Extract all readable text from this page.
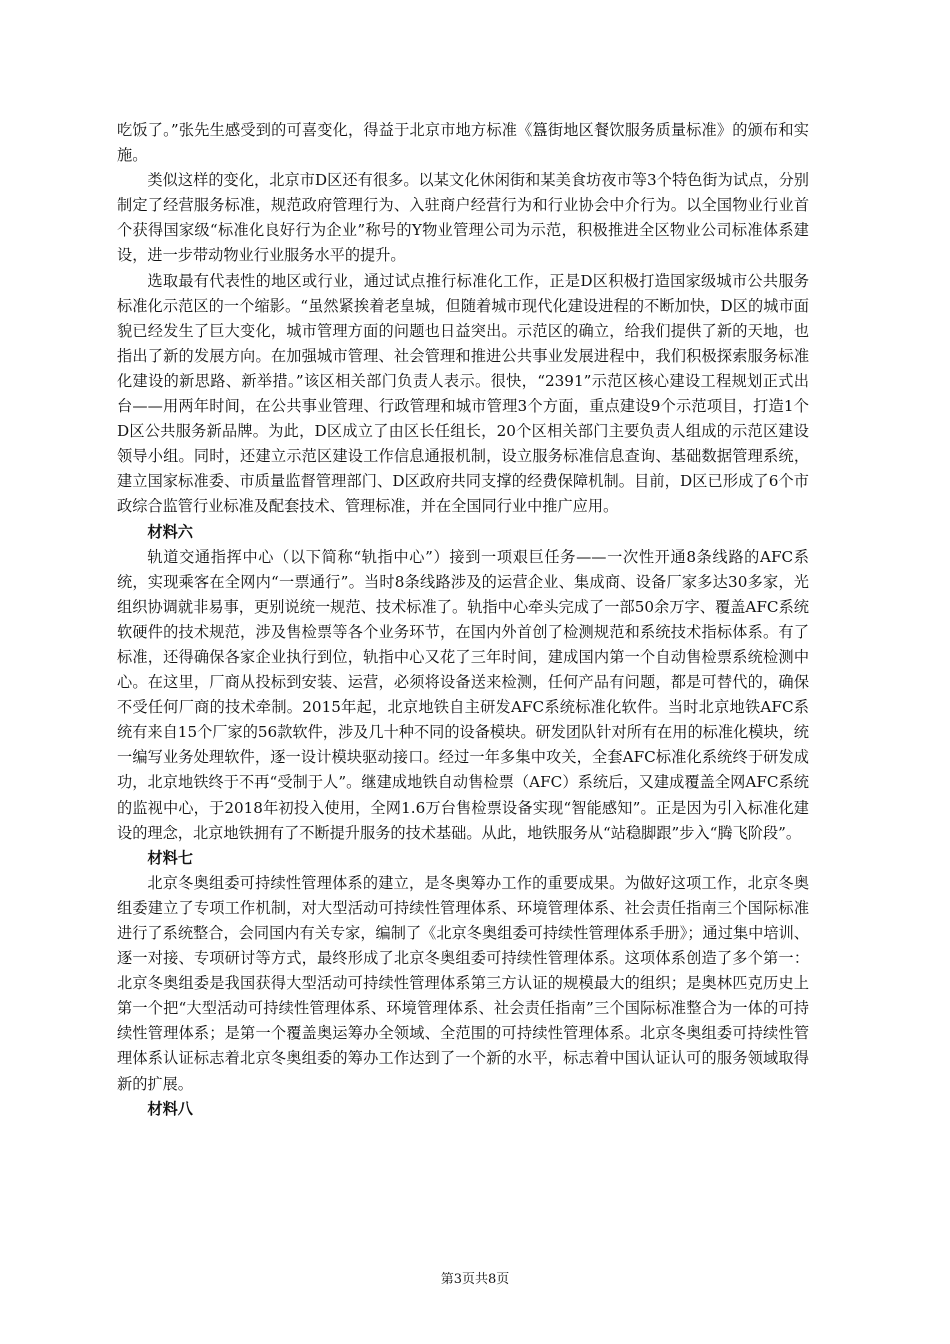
吃饭了。”张先生感受到的可喜变化，得益于北京市地方标准《簋街地区餐饮服务质量标准》的颁布和实施。

类似这样的变化，北京市D区还有很多。以某文化休闲街和某美食坊夜市等3个特色街为试点，分别制定了经营服务标准，规范政府管理行为、入驻商户经营行为和行业协会中介行为。以全国物业行业首个获得国家级“标准化良好行为企业”称号的Y物业管理公司为示范，积极推进全区物业公司标准体系建设，进一步带动物业行业服务水平的提升。

选取最有代表性的地区或行业，通过试点推行标准化工作，正是D区积极打造国家级城市公共服务标准化示范区的一个缩影。“虽然紧挨着老皇城，但随着城市现代化建设进程的不断加快，D区的城市面貌已经发生了巨大变化，城市管理方面的问题也日益突出。示范区的确立，给我们提供了新的天地，也指出了新的发展方向。在加强城市管理、社会管理和推进公共事业发展进程中，我们积极探索服务标准化建设的新思路、新举措。”该区相关部门负责人表示。很快，“2391”示范区核心建设工程规划正式出台——用两年时间，在公共事业管理、行政管理和城市管理3个方面，重点建设9个示范项目，打造1个D区公共服务新品牌。为此，D区成立了由区长任组长，20个区相关部门主要负责人组成的示范区建设领导小组。同时，还建立示范区建设工作信息通报机制，设立服务标准信息查询、基础数据管理系统，建立国家标准委、市质量监督管理部门、D区政府共同支撑的经费保障机制。目前，D区已形成了6个市政综合监管行业标准及配套技术、管理标准，并在全国同行业中推广应用。

材料六

轨道交通指挥中心（以下简称“轨指中心”）接到一项艰巨任务——一次性开通8条线路的AFC系统，实现乘客在全网内“一票通行”。当时8条线路涉及的运营企业、集成商、设备厂家多达30多家，光组织协调就非易事，更别说统一规范、技术标准了。轨指中心牵头完成了一部50余万字、覆盖AFC系统软硬件的技术规范，涉及售检票等各个业务环节，在国内外首创了检测规范和系统技术指标体系。有了标准，还得确保各家企业执行到位，轨指中心又花了三年时间，建成国内第一个自动售检票系统检测中心。在这里，厂商从投标到安装、运营，必须将设备送来检测，任何产品有问题，都是可替代的，确保不受任何厂商的技术牵制。2015年起，北京地铁自主研发AFC系统标准化软件。当时北京地铁AFC系统有来自15个厂家的56款软件，涉及几十种不同的设备模块。研发团队针对所有在用的标准化模块，统一编写业务处理软件，逐一设计模块驱动接口。经过一年多集中攻关，全套AFC标准化系统终于研发成功，北京地铁终于不再“受制于人”。继建成地铁自动售检票（AFC）系统后，又建成覆盖全网AFC系统的监视中心，于2018年初投入使用，全网1.6万台售检票设备实现“智能感知”。正是因为引入标准化建设的理念，北京地铁拥有了不断提升服务的技术基础。从此，地铁服务从“站稳脚跟”步入“腾飞阶段”。

材料七

北京冬奥组委可持续性管理体系的建立，是冬奥筹办工作的重要成果。为做好这项工作，北京冬奥组委建立了专项工作机制，对大型活动可持续性管理体系、环境管理体系、社会责任指南三个国际标准进行了系统整合，会同国内有关专家，编制了《北京冬奥组委可持续性管理体系手册》；通过集中培训、逐一对接、专项研讨等方式，最终形成了北京冬奥组委可持续性管理体系。这项体系创造了多个第一：北京冬奥组委是我国获得大型活动可持续性管理体系第三方认证的规模最大的组织；是奥林匹克历史上第一个把“大型活动可持续性管理体系、环境管理体系、社会责任指南”三个国际标准整合为一体的可持续性管理体系；是第一个覆盖奥运筹办全领域、全范围的可持续性管理体系。北京冬奥组委可持续性管理体系认证标志着北京冬奥组委的筹办工作达到了一个新的水平，标志着中国认证认可的服务领域取得新的扩展。

材料八
第3页共8页
